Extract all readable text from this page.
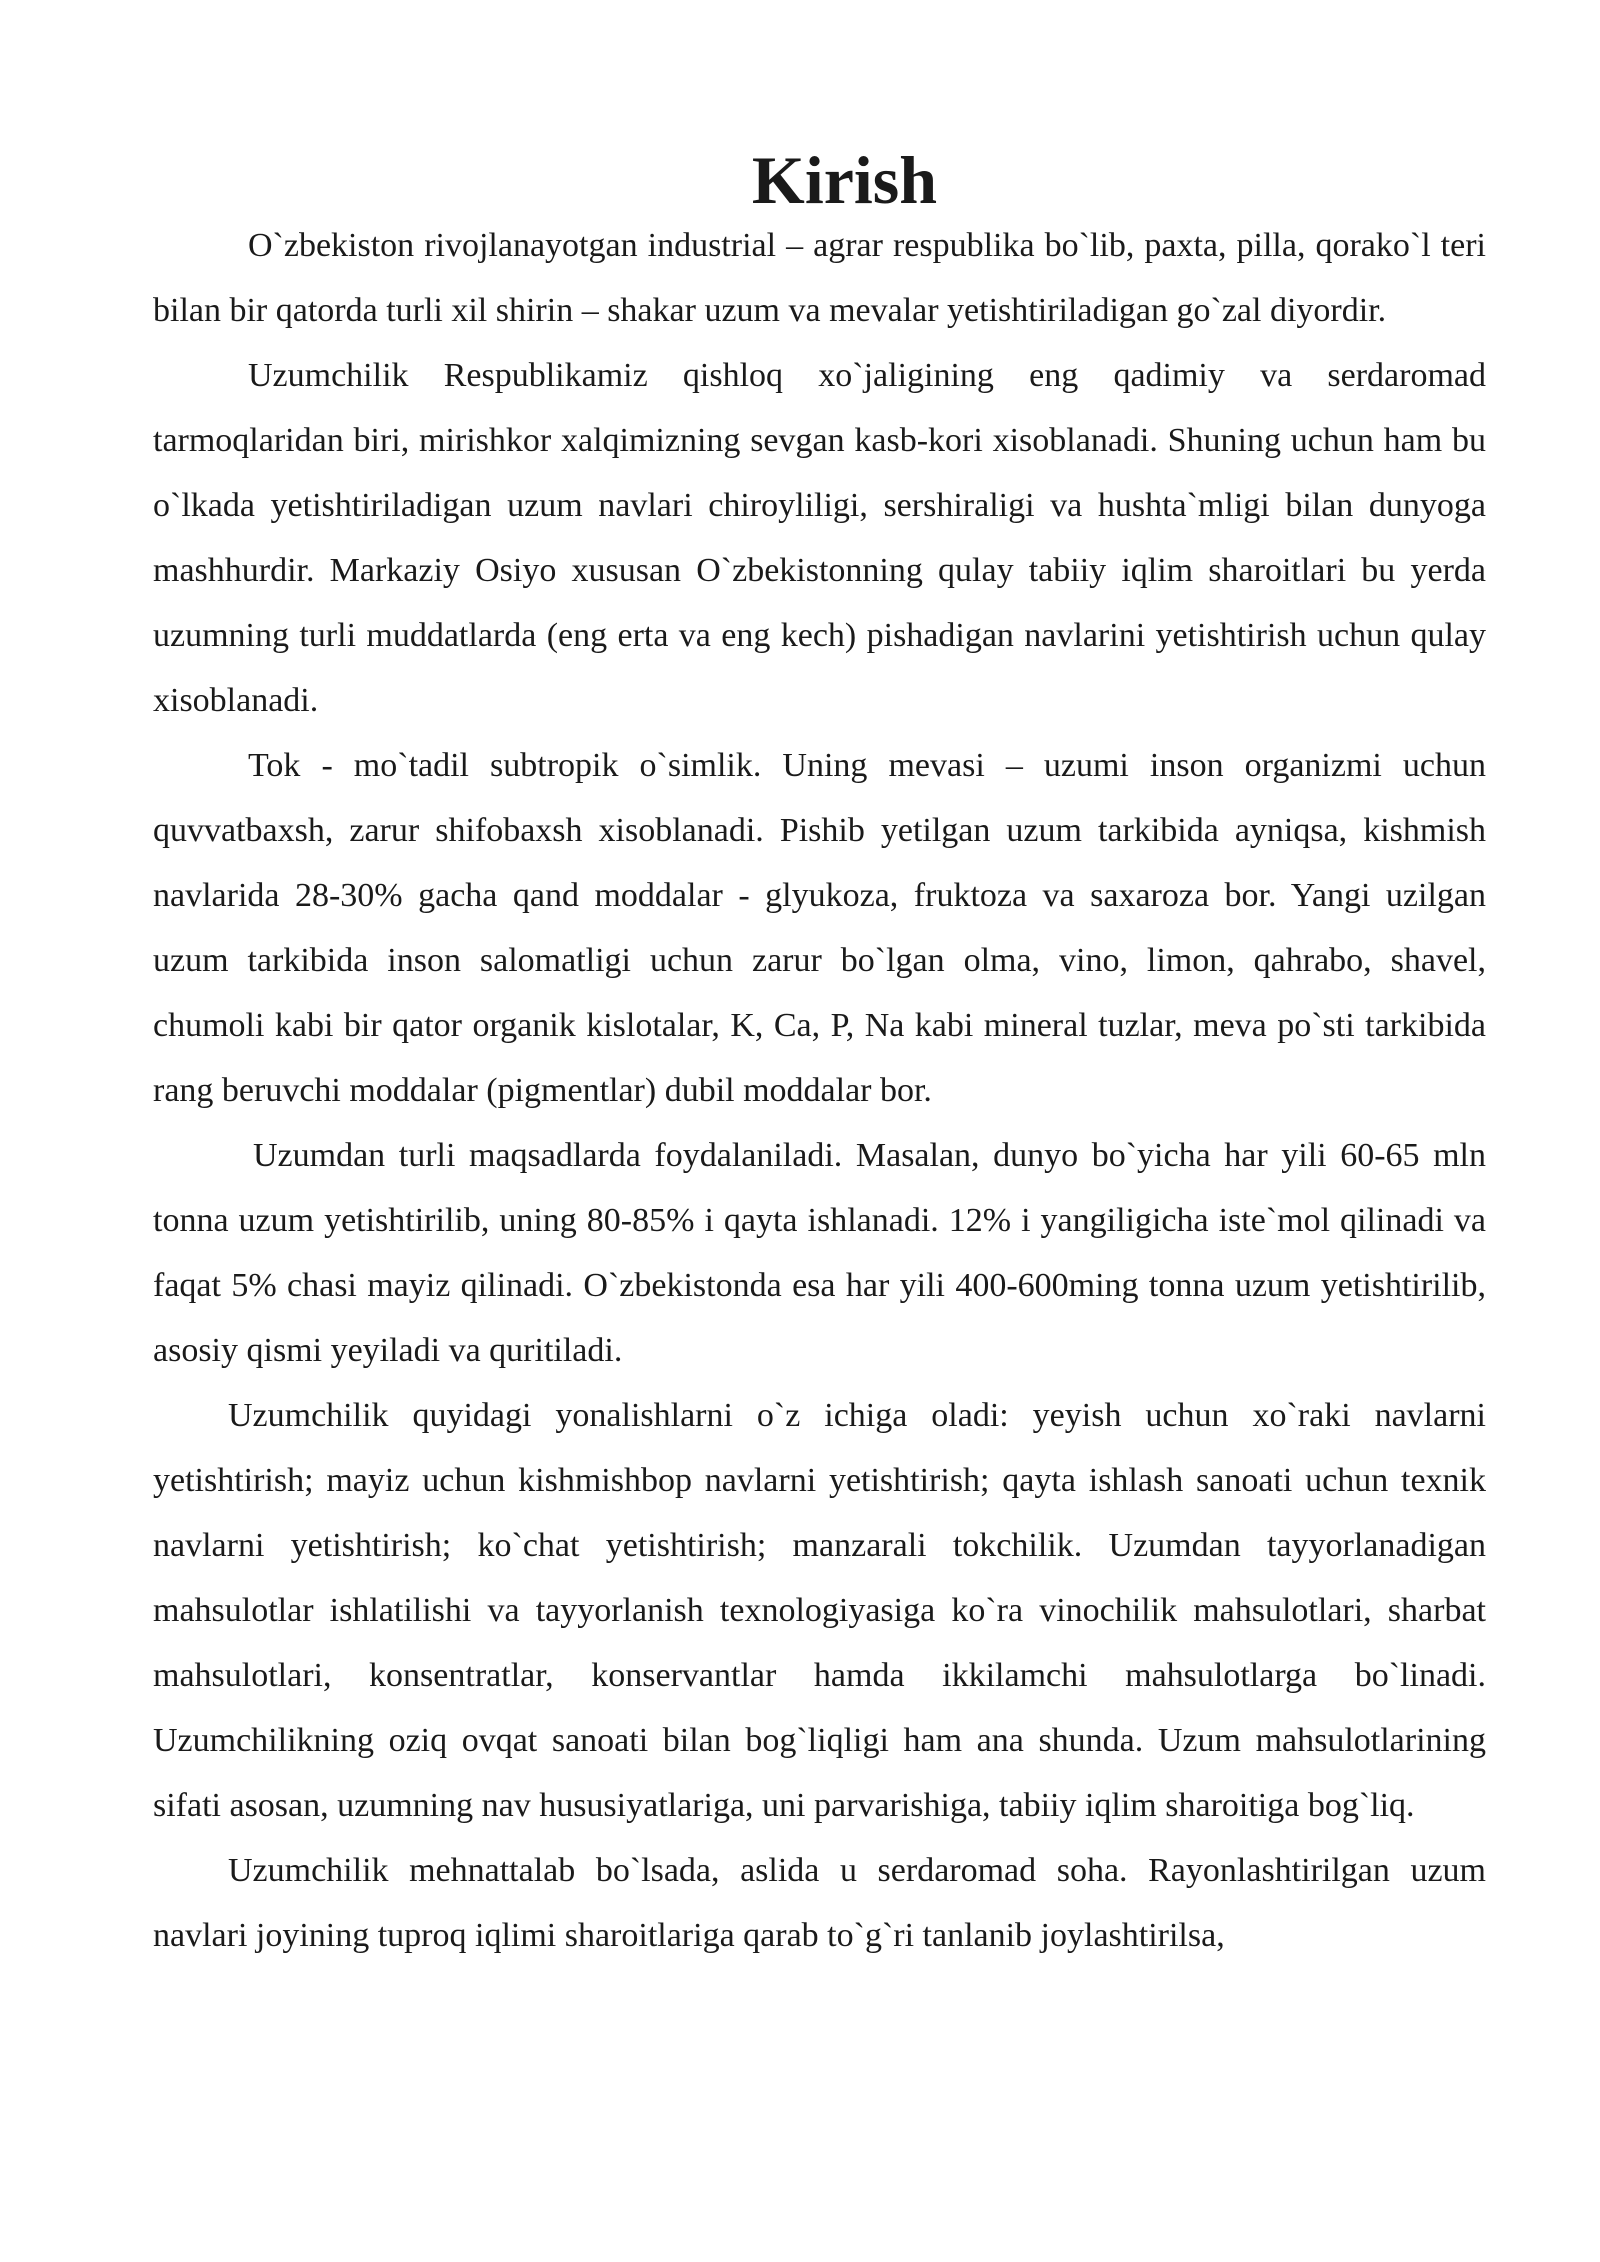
Kirish

O`zbekiston rivojlanayotgan industrial – agrar respublika bo`lib, paxta, pilla, qorako`l teri bilan bir qatorda turli xil shirin – shakar uzum va mevalar yetishtiriladigan go`zal diyordir.

Uzumchilik Respublikamiz qishloq xo`jaligining eng qadimiy va serdaromad tarmoqlaridan biri, mirishkor xalqimizning sevgan kasb-kori xisoblanadi. Shuning uchun ham bu o`lkada yetishtiriladigan uzum navlari chiroyliligi, sershiraligi va hushta`mligi bilan dunyoga mashhurdir. Markaziy Osiyo xususan O`zbekistonning qulay tabiiy iqlim sharoitlari bu yerda uzumning turli muddatlarda (eng erta va eng kech) pishadigan navlarini yetishtirish uchun qulay xisoblanadi.

Tok - mo`tadil subtropik o`simlik. Uning mevasi – uzumi inson organizmi uchun quvvatbaxsh, zarur shifobaxsh xisoblanadi. Pishib yetilgan uzum tarkibida ayniqsa, kishmish navlarida 28-30% gacha qand moddalar - glyukoza, fruktoza va saxaroza bor. Yangi uzilgan uzum tarkibida inson salomatligi uchun zarur bo`lgan olma, vino, limon, qahrabo, shavel, chumoli kabi bir qator organik kislotalar, K, Ca, P, Na kabi mineral tuzlar, meva po`sti tarkibida rang beruvchi moddalar (pigmentlar) dubil moddalar bor.

Uzumdan turli maqsadlarda foydalaniladi. Masalan, dunyo bo`yicha har yili 60-65 mln tonna uzum yetishtirilib, uning 80-85% i qayta ishlanadi. 12% i yangiligicha iste`mol qilinadi va faqat 5% chasi mayiz qilinadi. O`zbekistonda esa har yili 400-600ming tonna uzum yetishtirilib, asosiy qismi yeyiladi va quritiladi.

Uzumchilik quyidagi yonalishlarni o`z ichiga oladi: yeyish uchun xo`raki navlarni yetishtirish; mayiz uchun kishmishbop navlarni yetishtirish; qayta ishlash sanoati uchun texnik navlarni yetishtirish; ko`chat yetishtirish; manzarali tokchilik. Uzumdan tayyorlanadigan mahsulotlar ishlatilishi va tayyorlanish texnologiyasiga ko`ra vinochilik mahsulotlari, sharbat mahsulotlari, konsentratlar, konservantlar hamda ikkilamchi mahsulotlarga bo`linadi. Uzumchilikning oziq ovqat sanoati bilan bog`liqligi ham ana shunda. Uzum mahsulotlarining sifati asosan, uzumning nav hususiyatlariga, uni parvarishiga, tabiiy iqlim sharoitiga bog`liq.

Uzumchilik mehnattalab bo`lsada, aslida u serdaromad soha. Rayonlashtirilgan uzum navlari joyining tuproq iqlimi sharoitlariga qarab to`g`ri tanlanib joylashtirilsa,
